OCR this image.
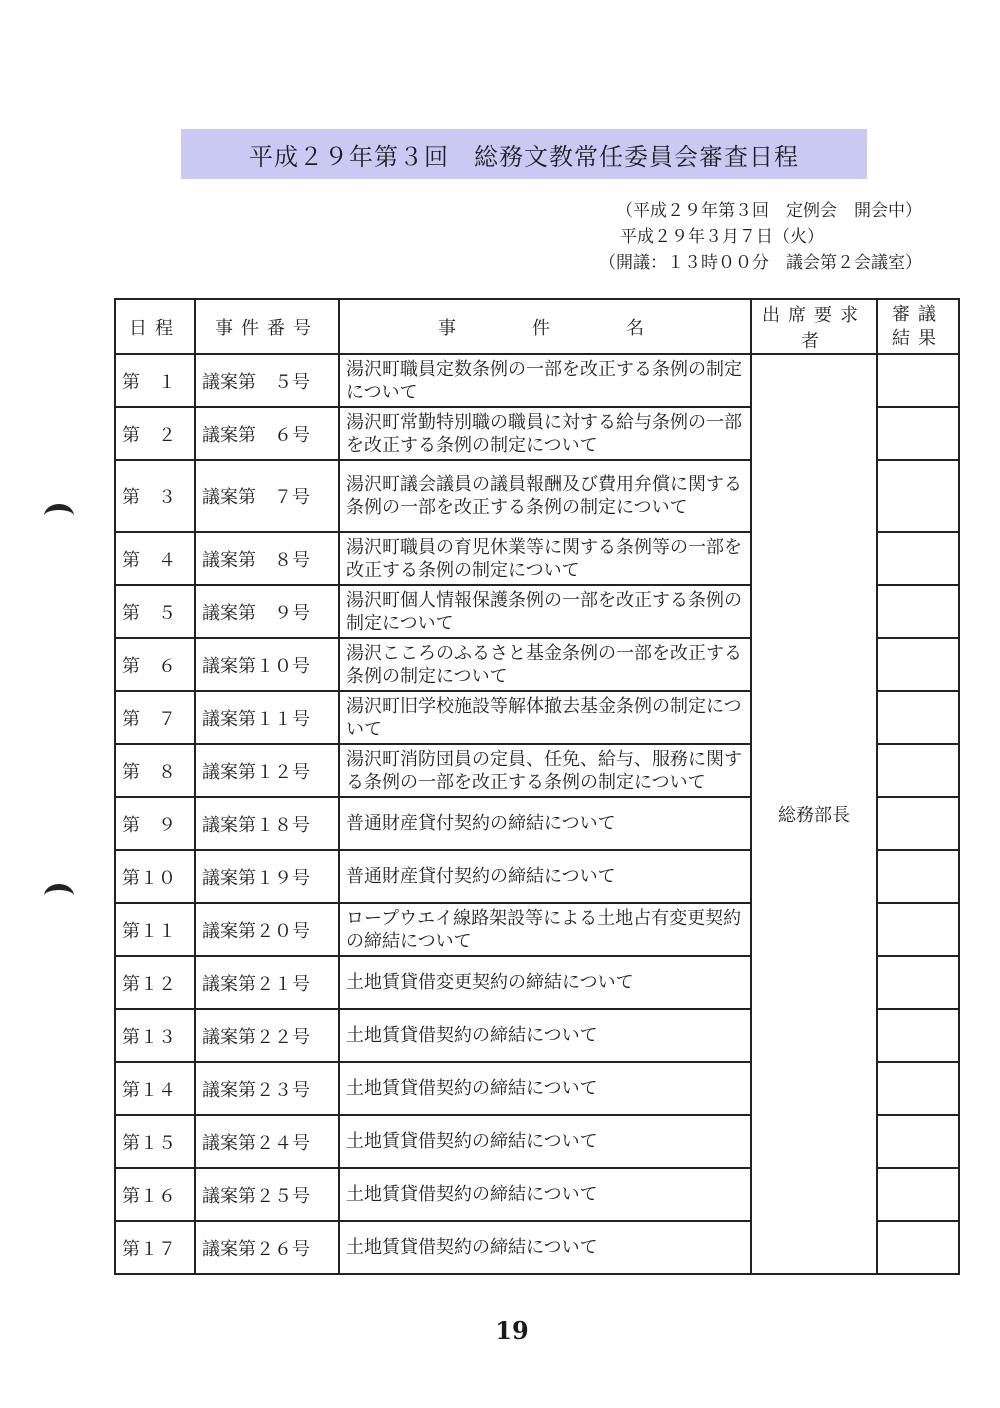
平成２９年第３回　総務文教常任委員会審査日程
（平成２９年第３回　定例会　開会中）
平成２９年３月７日（火）
（開議：１３時００分　議会第２会議室）
日程	事件番号	事 件 名	出席要求者	審議結果
第　１	議案第　５号	湯沢町職員定数条例の一部を改正する条例の制定について	総務部長	
第　２	議案第　６号	湯沢町常勤特別職の職員に対する給与条例の一部を改正する条例の制定について		
第　３	議案第　７号	湯沢町議会議員の議員報酬及び費用弁償に関する条例の一部を改正する条例の制定について		
第　４	議案第　８号	湯沢町職員の育児休業等に関する条例等の一部を改正する条例の制定について		
第　５	議案第　９号	湯沢町個人情報保護条例の一部を改正する条例の制定について		
第　６	議案第１０号	湯沢こころのふるさと基金条例の一部を改正する条例の制定について		
第　７	議案第１１号	湯沢町旧学校施設等解体撤去基金条例の制定について		
第　８	議案第１２号	湯沢町消防団員の定員、任免、給与、服務に関する条例の一部を改正する条例の制定について		
第　９	議案第１８号	普通財産貸付契約の締結について		
第１０	議案第１９号	普通財産貸付契約の締結について		
第１１	議案第２０号	ロープウエイ線路架設等による土地占有変更契約の締結について		
第１２	議案第２１号	土地賃貸借変更契約の締結について		
第１３	議案第２２号	土地賃貸借契約の締結について		
第１４	議案第２３号	土地賃貸借契約の締結について		
第１５	議案第２４号	土地賃貸借契約の締結について		
第１６	議案第２５号	土地賃貸借契約の締結について		
第１７	議案第２６号	土地賃貸借契約の締結について		
19
